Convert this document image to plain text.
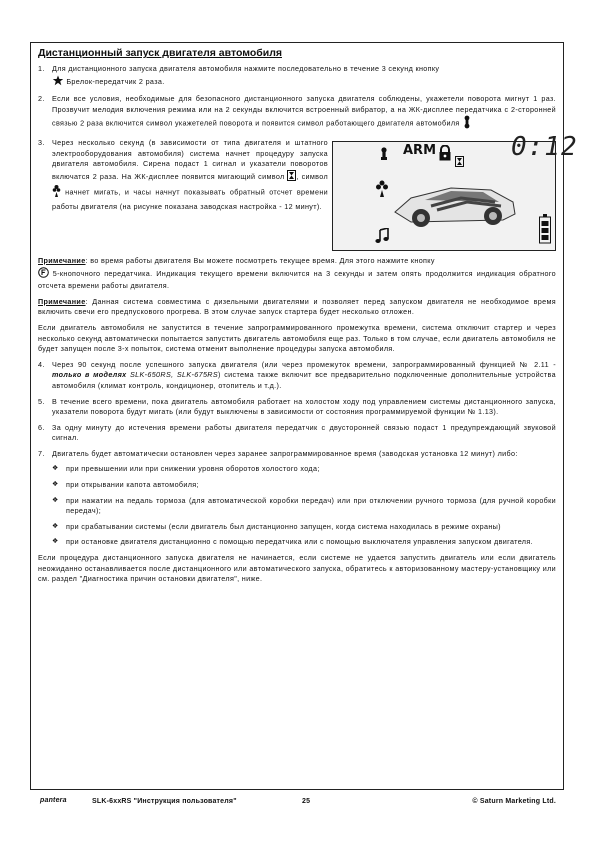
Дистанционный запуск двигателя автомобиля
1.	Для дистанционного запуска двигателя автомобиля нажмите последовательно в течение 3 секунд кнопку
Брелок-передатчик 2 раза.
2.	Если все условия, необходимые для безопасного дистанционного запуска двигателя соблюдены, укажетели поворота мигнут 1 раз. Прозвучит мелодия включения режима или на 2 секунды включится встроенный вибратор, а на ЖК-дисплее передатчика с 2-сторонней связью 2 раза включится символ укажетелей поворота и появится символ работающего двигателя автомобиля
3.	Через несколько секунд (в зависимости от типа двигателя и штатного электрооборудования автомобиля) система начнет процедуру запуска двигателя автомобиля. Сирена подаст 1 сигнал и указатели поворотов включатся 2 раза. На ЖК-дисплее появится мигающий символ , символ  начнет мигать, и часы начнут показывать обратный отсчет времени работы двигателя (на рисунке показана заводская настройка - 12 минут).
ARM	0:12
Примечание: во время работы двигателя Вы можете посмотреть текущее время. Для этого нажмите кнопку
5-кнопочного передатчика. Индикация текущего времени включится на 3 секунды и затем опять продолжится индикация обратного отсчета времени работы двигателя.
Примечание: Данная система совместима с дизельными двигателями и позволяет перед запуском двигателя не необходимое время включить свечи его предпускового прогрева. В этом случае запуск стартера будет несколько отложен.
Если двигатель автомобиля не запустится в течение запрограммированного промежутка времени, система отключит стартер и через несколько секунд автоматически попытается запустить двигатель автомобиля еще раз. Только в том случае, если двигатель автомобиля не будет запущен после 3-х попыток, система отменит выполнение процедуры запуска автомобиля.
4.	Через 90 секунд после успешного запуска двигателя (или через промежуток времени, запрограммированный функцией № 2.11 - только в моделях SLK-650RS, SLK-675RS) система также включит все предварительно подключенные дополнительные устройства автомобиля (климат контроль, кондиционер, отопитель и т.д.).
5.	В течение всего времени, пока двигатель автомобиля работает на холостом ходу под управлением системы дистанционного запуска, указатели поворота будут мигать (или будут выключены в зависимости от состояния программируемой функции № 1.13).
6.	За одну минуту до истечения времени работы двигателя передатчик с двусторонней связью подаст 1 предупреждающий звуковой сигнал.
7.	Двигатель будет автоматически остановлен через заранее запрограммированное время (заводская установка 12 минут) либо:
❖	при превышении или при снижении уровня оборотов холостого хода;
❖	при открывании капота автомобиля;
❖	при нажатии на педаль тормоза (для автоматической коробки передач) или при отключении ручного тормоза (для ручной коробки передач);
❖	при срабатывании системы (если двигатель был дистанционно запущен, когда система находилась в режиме охраны)
❖	при остановке двигателя дистанционно с помощью передатчика или с помощью выключателя управления запуском двигателя.
Если процедура дистанционного запуска двигателя не начинается, если системе не удается запустить двигатель или если двигатель неожиданно останавливается после дистанционного или автоматического запуска, обратитесь к авторизованному мастеру-установщику или см. раздел "Диагностика причин остановки двигателя", ниже.
pantera	SLK-6xxRS "Инструкция пользователя"	25	© Saturn Marketing Ltd.
